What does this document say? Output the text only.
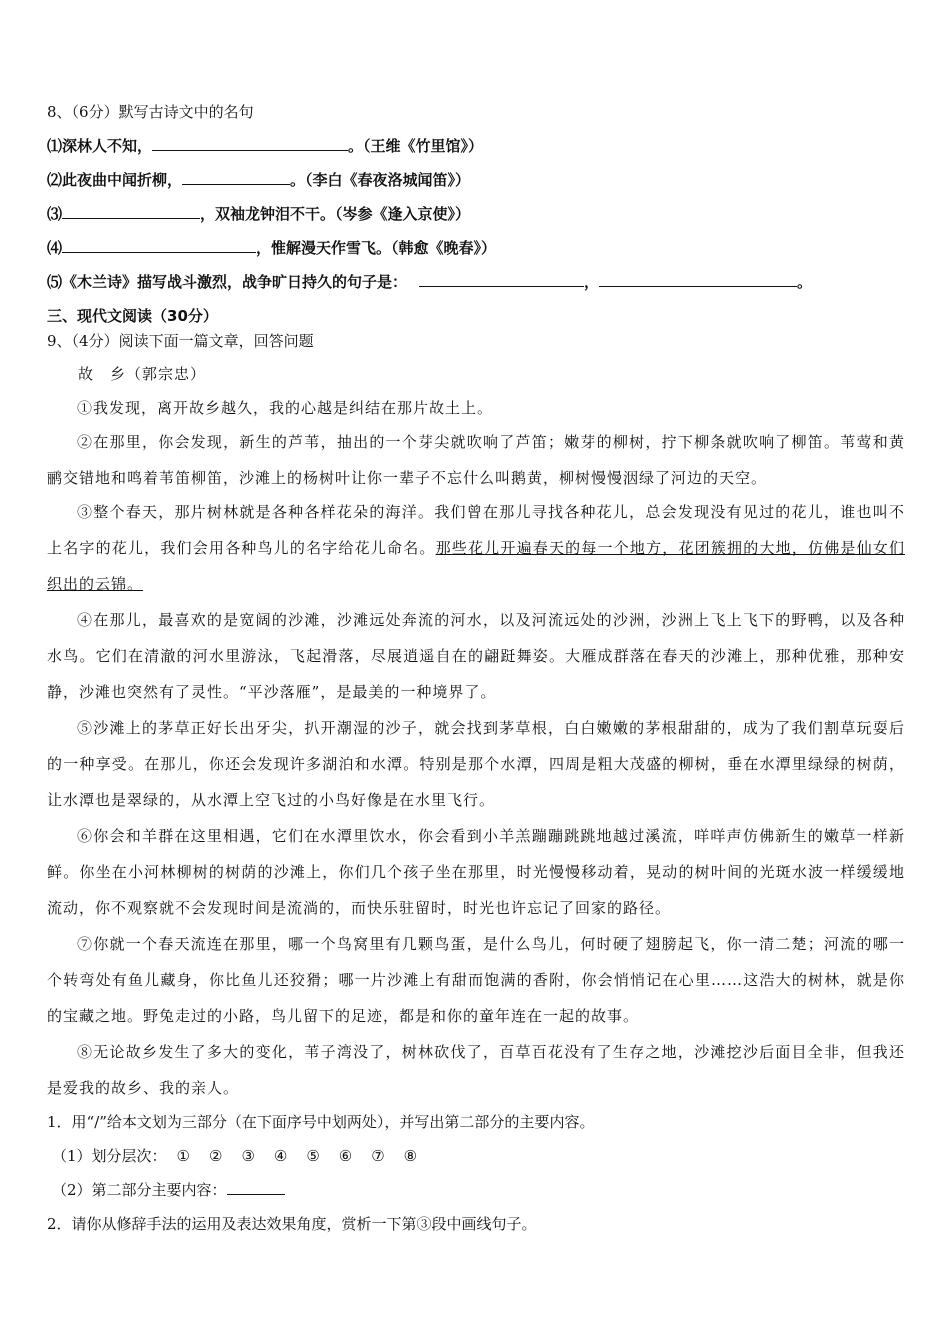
8、（6分）默写古诗文中的名句
⑴深林人不知，	。（王维《竹里馆》）
⑵此夜曲中闻折柳，	。（李白《春夜洛城闻笛》）
⑶	，双袖龙钟泪不干。（岑参《逢入京使》）
⑷	，惟解漫天作雪飞。（韩愈《晚春》）
⑸《木兰诗》描写战斗激烈，战争旷日持久的句子是：	，	。
三、现代文阅读（30分）
9、（4分）阅读下面一篇文章，回答问题
故　乡（郭宗忠）
①我发现，离开故乡越久，我的心越是纠结在那片故土上。
②在那里，你会发现，新生的芦苇，抽出的一个芽尖就吹响了芦笛；嫩芽的柳树，拧下柳条就吹响了柳笛。苇莺和黄鹂交错地和鸣着苇笛柳笛，沙滩上的杨树叶让你一辈子不忘什么叫鹅黄，柳树慢慢洇绿了河边的天空。
③整个春天，那片树林就是各种各样花朵的海洋。我们曾在那儿寻找各种花儿，总会发现没有见过的花儿，谁也叫不上名字的花儿，我们会用各种鸟儿的名字给花儿命名。那些花儿开遍春天的每一个地方，花团簇拥的大地，仿佛是仙女们织出的云锦。
④在那儿，最喜欢的是宽阔的沙滩，沙滩远处奔流的河水，以及河流远处的沙洲，沙洲上飞上飞下的野鸭，以及各种水鸟。它们在清澈的河水里游泳，飞起滑落，尽展逍遥自在的翩跹舞姿。大雁成群落在春天的沙滩上，那种优雅，那种安静，沙滩也突然有了灵性。“平沙落雁”，是最美的一种境界了。
⑤沙滩上的茅草正好长出牙尖，扒开潮湿的沙子，就会找到茅草根，白白嫩嫩的茅根甜甜的，成为了我们割草玩耍后的一种享受。在那儿，你还会发现许多湖泊和水潭。特别是那个水潭，四周是粗大茂盛的柳树，垂在水潭里绿绿的树荫，让水潭也是翠绿的，从水潭上空飞过的小鸟好像是在水里飞行。
⑥你会和羊群在这里相遇，它们在水潭里饮水，你会看到小羊羔蹦蹦跳跳地越过溪流，咩咩声仿佛新生的嫩草一样新鲜。你坐在小河林柳树的树荫的沙滩上，你们几个孩子坐在那里，时光慢慢移动着，晃动的树叶间的光斑水波一样缓缓地流动，你不观察就不会发现时间是流淌的，而快乐驻留时，时光也许忘记了回家的路径。
⑦你就一个春天流连在那里，哪一个鸟窝里有几颗鸟蛋，是什么鸟儿，何时硬了翅膀起飞，你一清二楚；河流的哪一个转弯处有鱼儿藏身，你比鱼儿还狡猾；哪一片沙滩上有甜而饱满的香附，你会悄悄记在心里……这浩大的树林，就是你的宝藏之地。野兔走过的小路，鸟儿留下的足迹，都是和你的童年连在一起的故事。
⑧无论故乡发生了多大的变化，苇子湾没了，树林砍伐了，百草百花没有了生存之地，沙滩挖沙后面目全非，但我还是爱我的故乡、我的亲人。
1．用“/”给本文划为三部分（在下面序号中划两处），并写出第二部分的主要内容。
（1）划分层次： ①　②　③　④　⑤　⑥　⑦　⑧
（2）第二部分主要内容：
2．请你从修辞手法的运用及表达效果角度，赏析一下第③段中画线句子。
